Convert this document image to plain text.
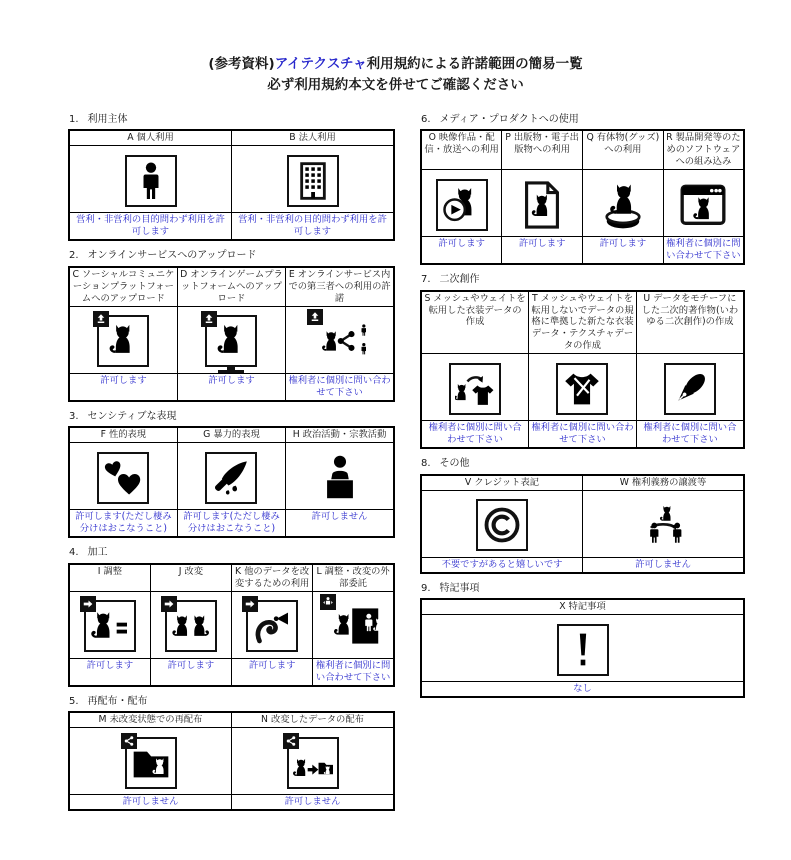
(参考資料)アイテクスチャ利用規約による許諾範囲の簡易一覧
必ず利用規約本文を併せてご確認ください
1. 利用主体
A 個人利用	B 法人利用

営利・非営利の目的問わず利用を許可します	営利・非営利の目的問わず利用を許可します
2. オンラインサービスへのアップロード
C ソーシャルコミュニケーションプラットフォームへのアップロード	D オンラインゲームプラットフォームへのアップロード	E オンラインサービス内での第三者への利用の許諾

許可します	許可します	権利者に個別に問い合わせて下さい
3. センシティブな表現
F 性的表現	G 暴力的表現	H 政治活動・宗教活動

許可します(ただし棲み分けはおこなうこと)	許可します(ただし棲み分けはおこなうこと)	許可しません
4. 加工
I 調整	J 改変	K 他のデータを改変するための利用	L 調整・改変の外部委託

許可します	許可します	許可します	権利者に個別に問い合わせて下さい
5. 再配布・配布
M 未改変状態での再配布	N 改変したデータの配布

許可しません	許可しません
6. メディア・プロダクトへの使用
O 映像作品・配信・放送への利用	P 出版物・電子出版物への利用	Q 有体物(グッズ)への利用	R 製品開発等のためのソフトウェアへの組み込み

許可します	許可します	許可します	権利者に個別に問い合わせて下さい
7. 二次創作
S メッシュやウェイトを転用した衣装データの作成	T メッシュやウェイトを転用しないでデータの規格に準拠した新たな衣装データ・テクスチャデータの作成	U データをモチーフにした二次的著作物(いわゆる二次創作)の作成

権利者に個別に問い合わせて下さい	権利者に個別に問い合わせて下さい	権利者に個別に問い合わせて下さい
8. その他
V クレジット表記	W 権利義務の譲渡等

不要ですがあると嬉しいです	許可しません
9. 特記事項
X 特記事項

なし
